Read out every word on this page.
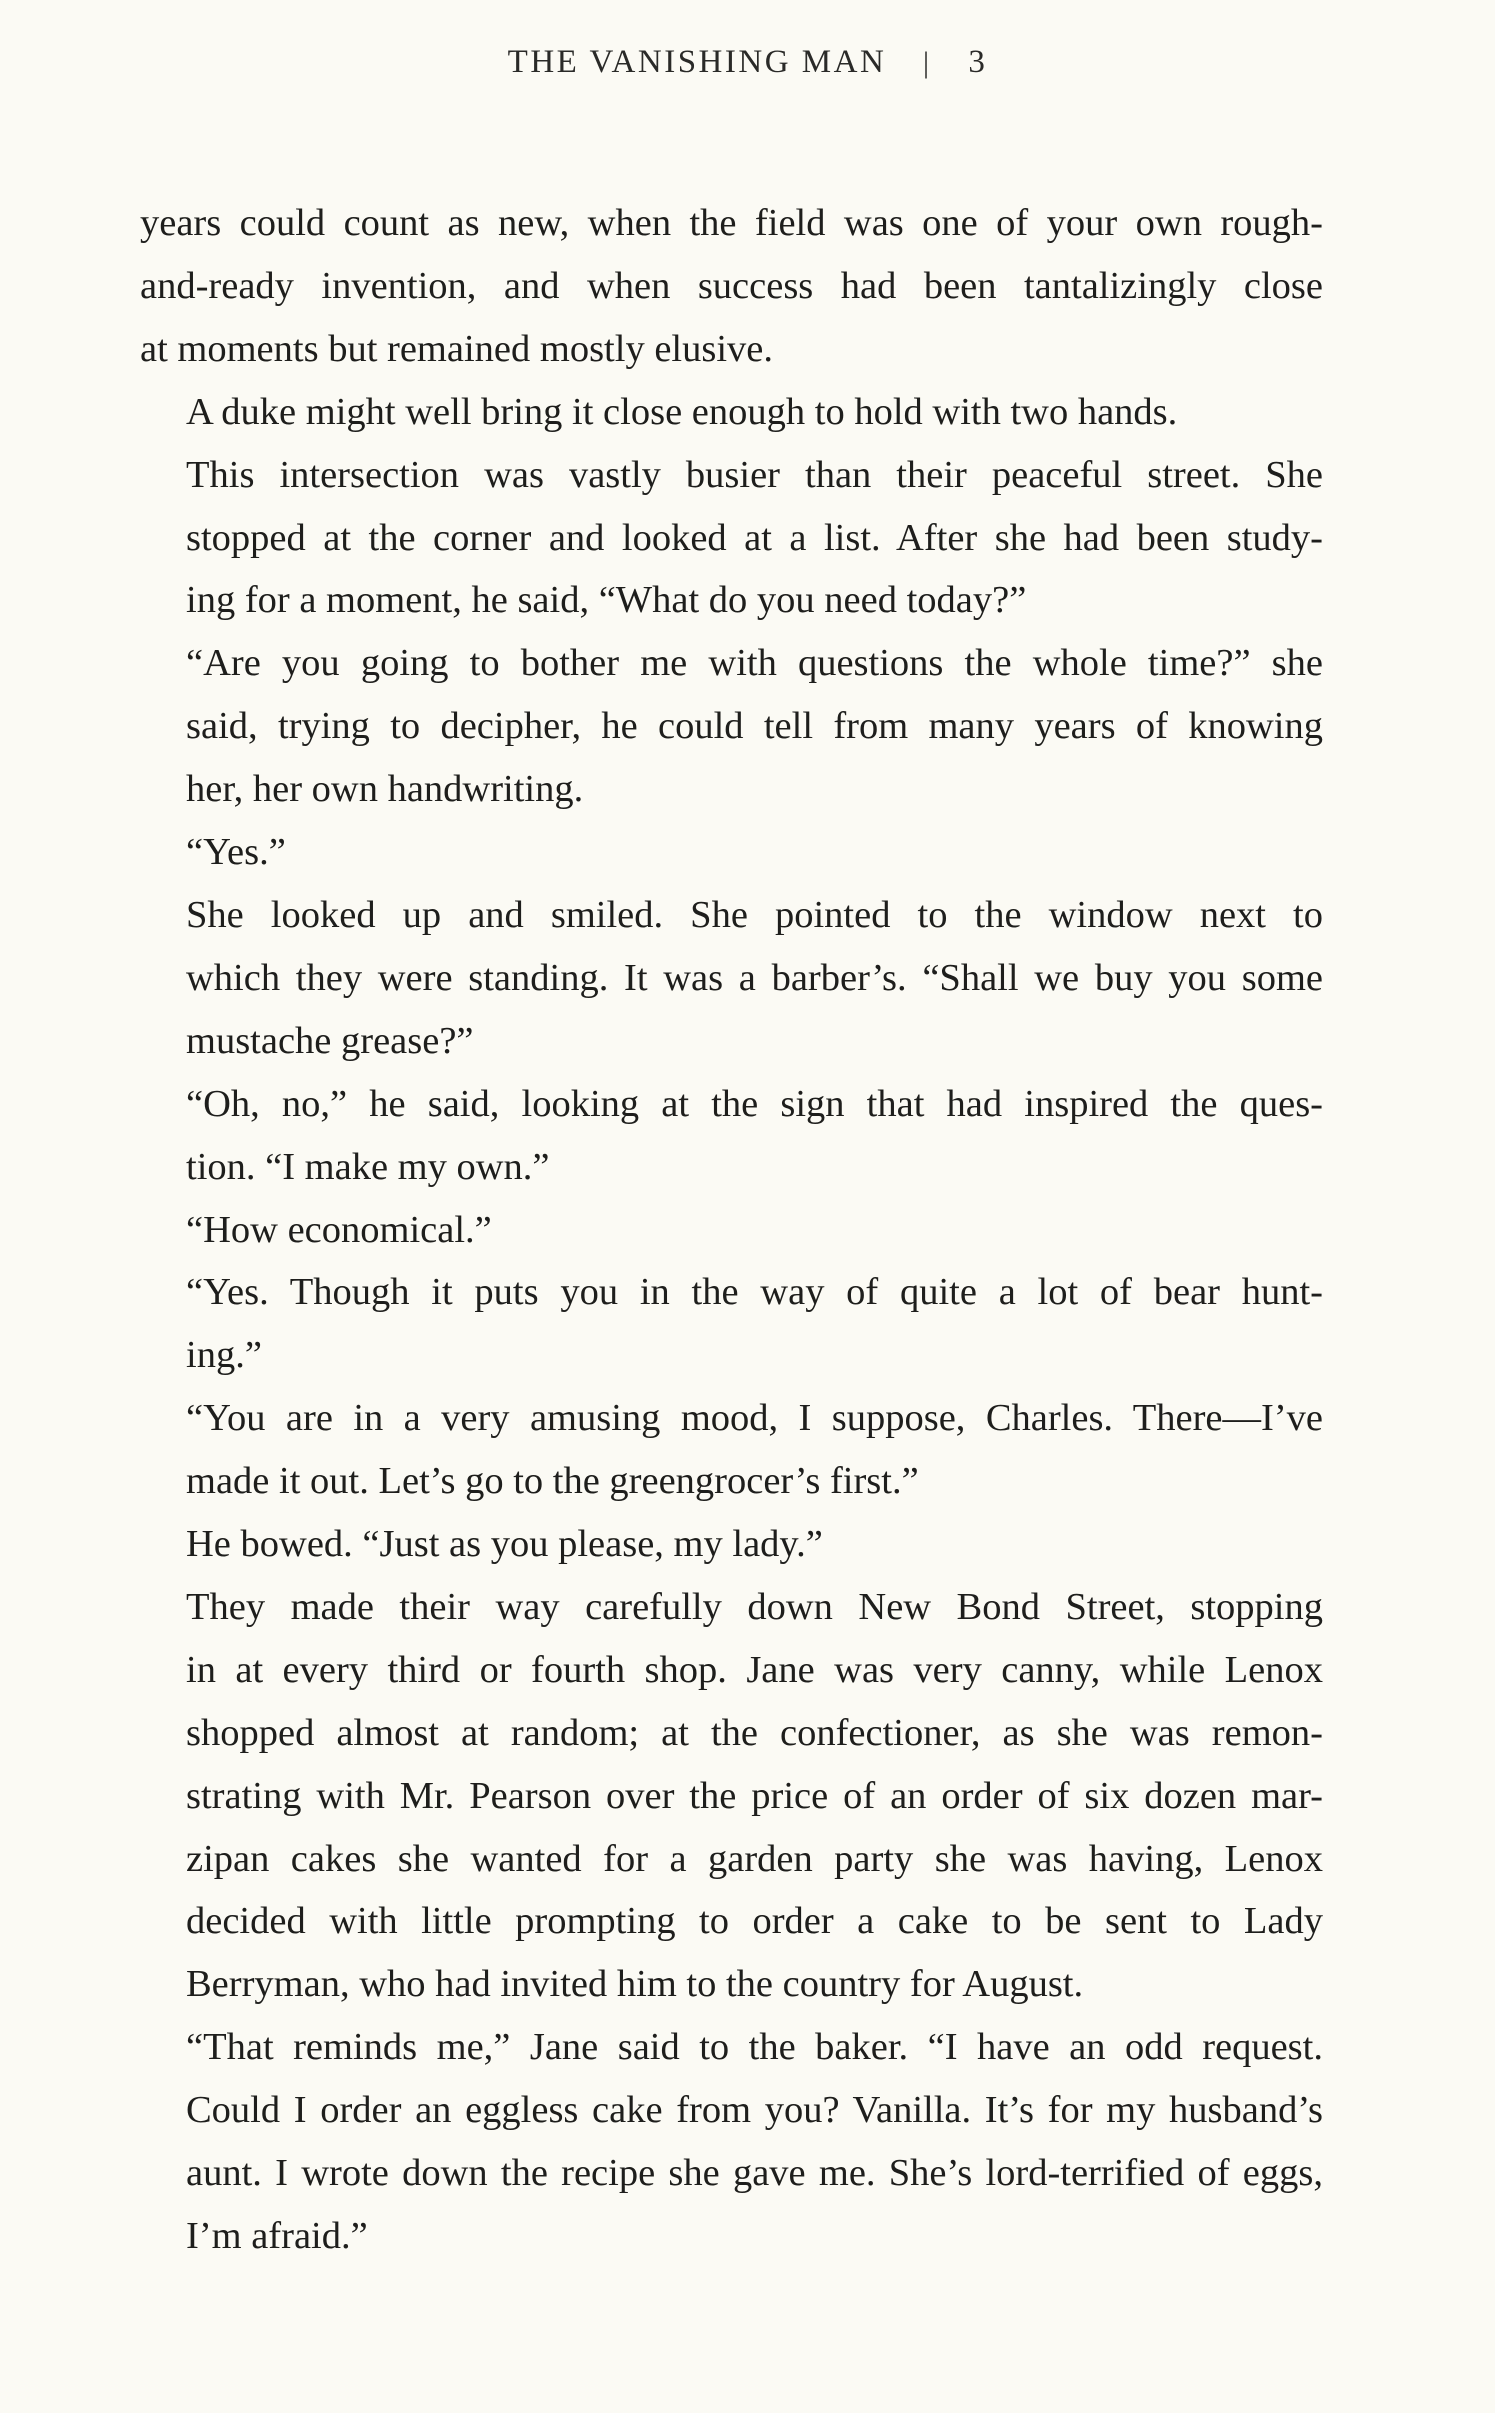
THE VANISHING MAN | 3

years could count as new, when the field was one of your own rough-
and-ready invention, and when success had been tantalizingly close
at moments but remained mostly elusive.

A duke might well bring it close enough to hold with two hands.

This intersection was vastly busier than their peaceful street. She
stopped at the corner and looked at a list. After she had been study-
ing for a moment, he said, “What do you need today?”

“Are you going to bother me with questions the whole time?” she
said, trying to decipher, he could tell from many years of knowing
her, her own handwriting.

“Yes.”

She looked up and smiled. She pointed to the window next to
which they were standing. It was a barber’s. “Shall we buy you some
mustache grease?”

“Oh, no,” he said, looking at the sign that had inspired the ques-
tion. “I make my own.”

“How economical.”

“Yes. Though it puts you in the way of quite a lot of bear hunt-
ing.”

“You are in a very amusing mood, I suppose, Charles. There—I’ve
made it out. Let’s go to the greengrocer’s first.”

He bowed. “Just as you please, my lady.”

They made their way carefully down New Bond Street, stopping
in at every third or fourth shop. Jane was very canny, while Lenox
shopped almost at random; at the confectioner, as she was remon-
strating with Mr. Pearson over the price of an order of six dozen mar-
zipan cakes she wanted for a garden party she was having, Lenox
decided with little prompting to order a cake to be sent to Lady
Berryman, who had invited him to the country for August.

“That reminds me,” Jane said to the baker. “I have an odd request.
Could I order an eggless cake from you? Vanilla. It’s for my husband’s
aunt. I wrote down the recipe she gave me. She’s lord-terrified of eggs,
I’m afraid.”
